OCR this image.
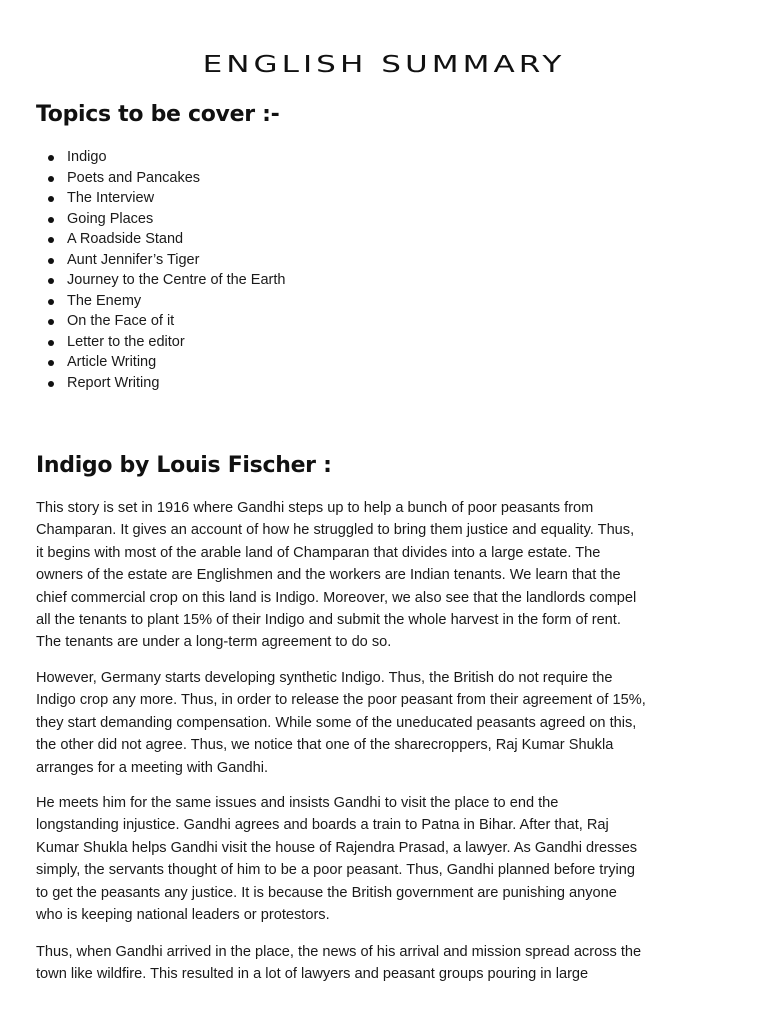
ENGLISH SUMMARY
Topics to be cover :-
Indigo
Poets and Pancakes
The Interview
Going Places
A Roadside Stand
Aunt Jennifer’s Tiger
Journey to the Centre of the Earth
The Enemy
On the Face of it
Letter to the editor
Article Writing
Report Writing
Indigo by Louis Fischer :

This story is set in 1916 where Gandhi steps up to help a bunch of poor peasants from
Champaran. It gives an account of how he struggled to bring them justice and equality. Thus,
it begins with most of the arable land of Champaran that divides into a large estate. The
owners of the estate are Englishmen and the workers are Indian tenants. We learn that the
chief commercial crop on this land is Indigo. Moreover, we also see that the landlords compel
all the tenants to plant 15% of their Indigo and submit the whole harvest in the form of rent.
The tenants are under a long-term agreement to do so.

However, Germany starts developing synthetic Indigo. Thus, the British do not require the
Indigo crop any more. Thus, in order to release the poor peasant from their agreement of 15%,
they start demanding compensation. While some of the uneducated peasants agreed on this,
the other did not agree. Thus, we notice that one of the sharecroppers, Raj Kumar Shukla
arranges for a meeting with Gandhi.

He meets him for the same issues and insists Gandhi to visit the place to end the
longstanding injustice. Gandhi agrees and boards a train to Patna in Bihar. After that, Raj
Kumar Shukla helps Gandhi visit the house of Rajendra Prasad, a lawyer. As Gandhi dresses
simply, the servants thought of him to be a poor peasant. Thus, Gandhi planned before trying
to get the peasants any justice. It is because the British government are punishing anyone
who is keeping national leaders or protestors.

Thus, when Gandhi arrived in the place, the news of his arrival and mission spread across the
town like wildfire. This resulted in a lot of lawyers and peasant groups pouring in large
